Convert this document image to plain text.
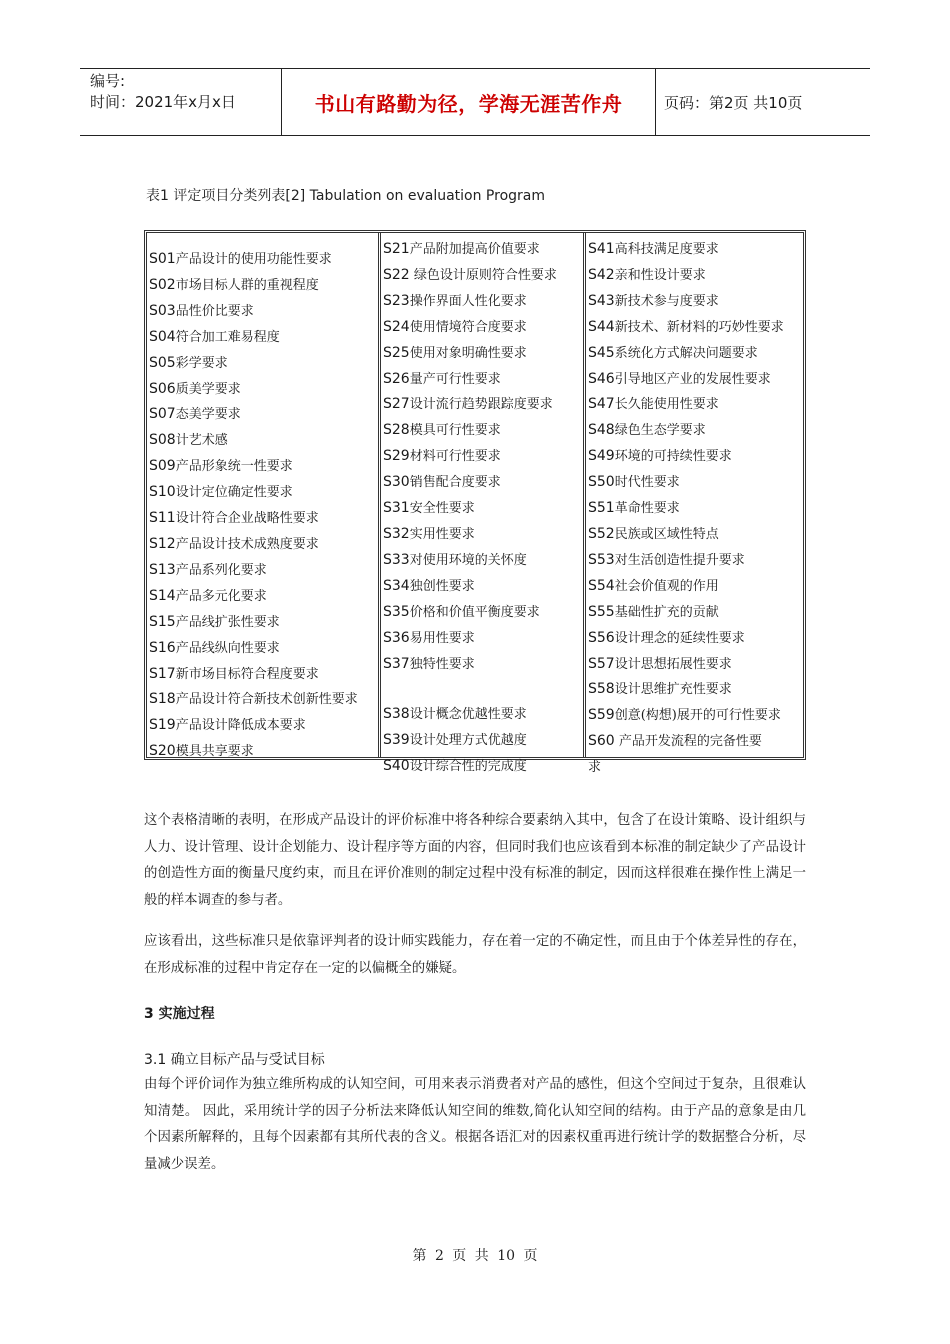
编号:
时间：2021年x月x日	书山有路勤为径，学海无涯苦作舟	页码：第2页 共10页
表1 评定项目分类列表[2] Tabulation on evaluation Program
S01产品设计的使用功能性要求
S02市场目标人群的重视程度
S03品性价比要求
S04符合加工难易程度
S05彩学要求
S06质美学要求
S07态美学要求
S08计艺术感
S09产品形象统一性要求
S10设计定位确定性要求
S11设计符合企业战略性要求
S12产品设计技术成熟度要求
S13产品系列化要求
S14产品多元化要求
S15产品线扩张性要求
S16产品线纵向性要求
S17新市场目标符合程度要求
S18产品设计符合新技术创新性要求
S19产品设计降低成本要求
S20模具共享要求
S21产品附加提高价值要求
S22 绿色设计原则符合性要求
S23操作界面人性化要求
S24使用情境符合度要求
S25使用对象明确性要求
S26量产可行性要求
S27设计流行趋势跟踪度要求
S28模具可行性要求
S29材料可行性要求
S30销售配合度要求
S31安全性要求
S32实用性要求
S33对使用环境的关怀度
S34独创性要求
S35价格和价值平衡度要求
S36易用性要求
S37独特性要求
S38设计概念优越性要求
S39设计处理方式优越度
S40设计综合性的完成度
S41高科技满足度要求
S42亲和性设计要求
S43新技术参与度要求
S44新技术、新材料的巧妙性要求
S45系统化方式解决问题要求
S46引导地区产业的发展性要求
S47长久能使用性要求
S48绿色生态学要求
S49环境的可持续性要求
S50时代性要求
S51革命性要求
S52民族或区域性特点
S53对生活创造性提升要求
S54社会价值观的作用
S55基础性扩充的贡献
S56设计理念的延续性要求
S57设计思想拓展性要求
S58设计思维扩充性要求
S59创意(构想)展开的可行性要求
S60 产品开发流程的完备性要
求
这个表格清晰的表明，在形成产品设计的评价标准中将各种综合要素纳入其中，包含了在设计策略、设计组织与人力、设计管理、设计企划能力、设计程序等方面的内容，但同时我们也应该看到本标准的制定缺少了产品设计的创造性方面的衡量尺度约束，而且在评价准则的制定过程中没有标准的制定，因而这样很难在操作性上满足一般的样本调查的参与者。
应该看出，这些标准只是依靠评判者的设计师实践能力，存在着一定的不确定性，而且由于个体差异性的存在，在形成标准的过程中肯定存在一定的以偏概全的嫌疑。
3 实施过程
3.1 确立目标产品与受试目标
由每个评价词作为独立维所构成的认知空间，可用来表示消费者对产品的感性，但这个空间过于复杂，且很难认知清楚。 因此，采用统计学的因子分析法来降低认知空间的维数,简化认知空间的结构。由于产品的意象是由几个因素所解释的，且每个因素都有其所代表的含义。根据各语汇对的因素权重再进行统计学的数据整合分析，尽量减少误差。
第 2 页 共 10 页
